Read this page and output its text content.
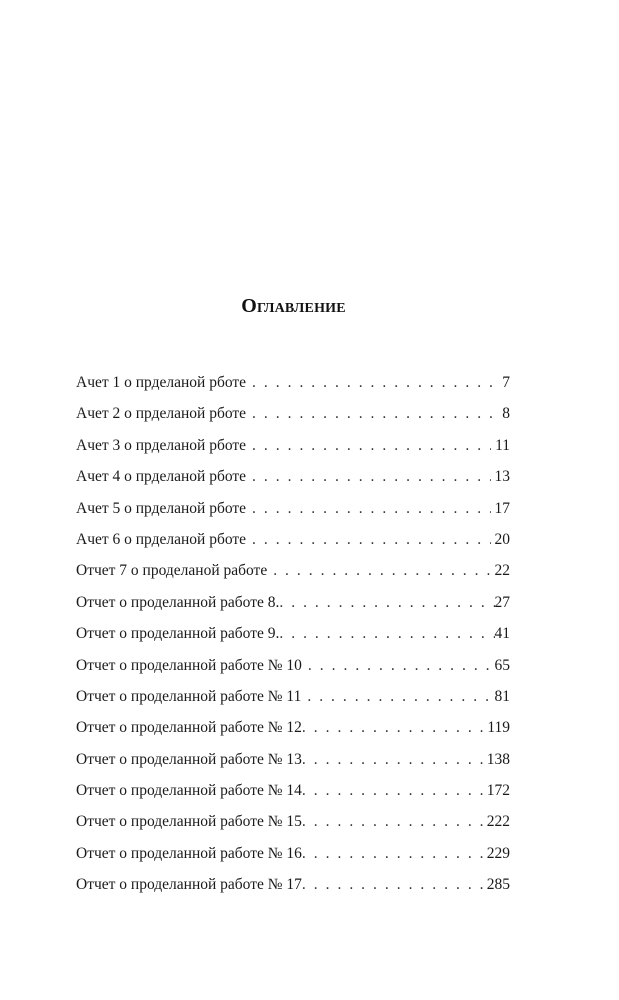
Оглавление
Ачет 1 о прделаной рботе . . .	7
Ачет 2 о прделаной рботе . . .	8
Ачет 3 о прделаной рботе . . .	11
Ачет 4 о прделаной рботе . . .	13
Ачет 5 о прделаной рботе . . .	17
Ачет 6 о прделаной рботе . . .	20
Отчет 7 о проделаной работе . . .	22
Отчет о проделанной работе 8. . . .	27
Отчет о проделанной работе 9. . . .	41
Отчет о проделанной работе № 10 . . .	65
Отчет о проделанной работе № 11 . . .	81
Отчет о проделанной работе № 12 . . .	119
Отчет о проделанной работе № 13 . . .	138
Отчет о проделанной работе № 14 . . .	172
Отчет о проделанной работе № 15 . . .	222
Отчет о проделанной работе № 16 . . .	229
Отчет о проделанной работе № 17 . . .	285
